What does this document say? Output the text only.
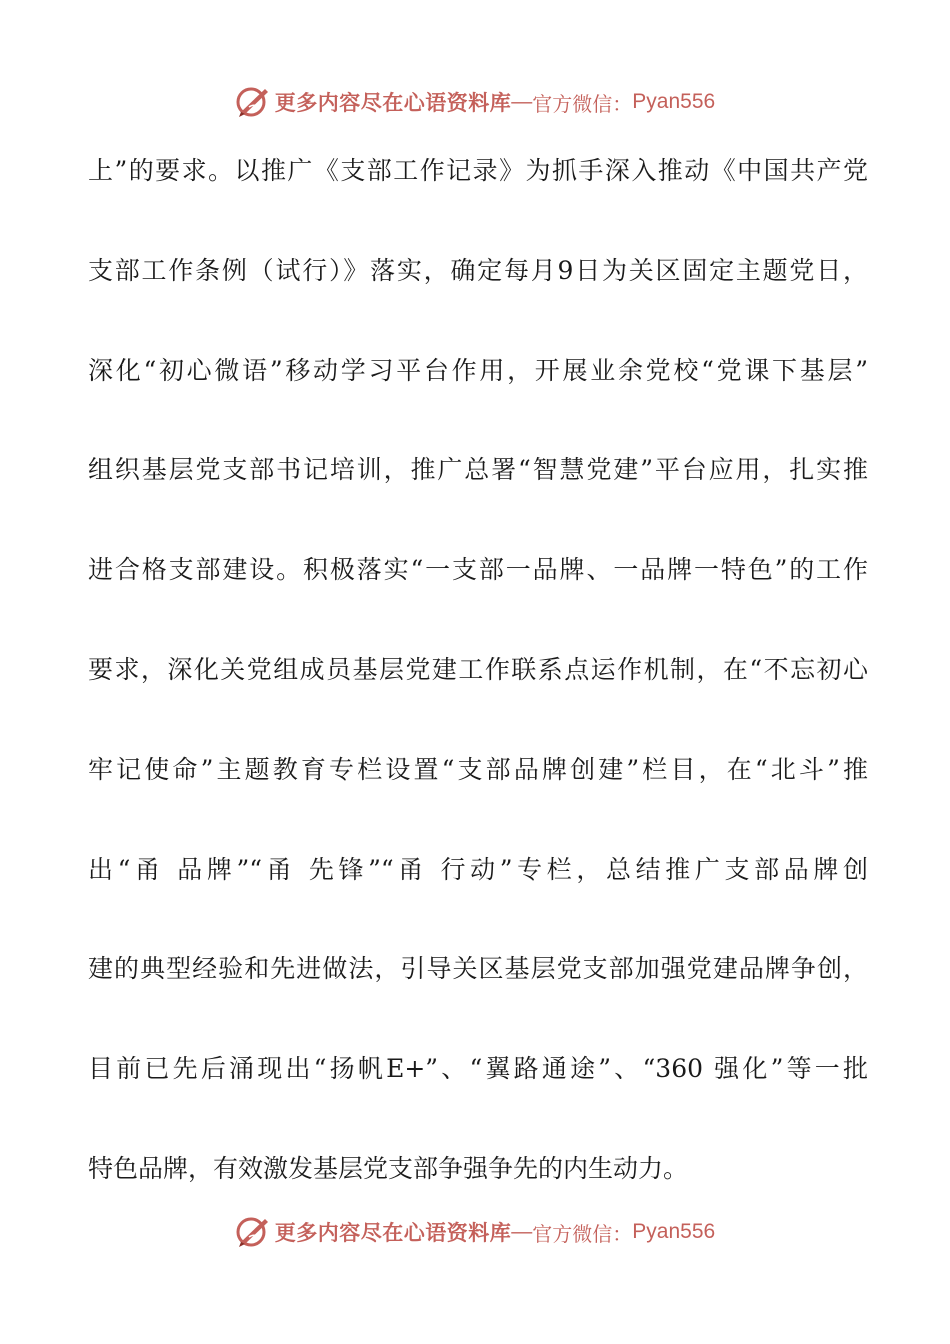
更多内容尽在心语资料库 — 官方微信： Pyan556
上”的要求。以推广《支部工作记录》为抓手深入推动《中国共产党
支部工作条例（试行）》落实，确定每月9日为关区固定主题党日，
深化“初心微语”移动学习平台作用，开展业余党校“党课下基层”
组织基层党支部书记培训，推广总署“智慧党建”平台应用，扎实推
进合格支部建设。积极落实“一支部一品牌、一品牌一特色”的工作
要求，深化关党组成员基层党建工作联系点运作机制，在“不忘初心
牢记使命”主题教育专栏设置“支部品牌创建”栏目，在“北斗”推
出“甬 品牌”“甬 先锋”“甬 行动”专栏，总结推广支部品牌创
建的典型经验和先进做法，引导关区基层党支部加强党建品牌争创，
目前已先后涌现出“扬帆E+”、“翼路通途”、“360 强化”等一批
特色品牌，有效激发基层党支部争强争先的内生动力。
更多内容尽在心语资料库 — 官方微信： Pyan556
